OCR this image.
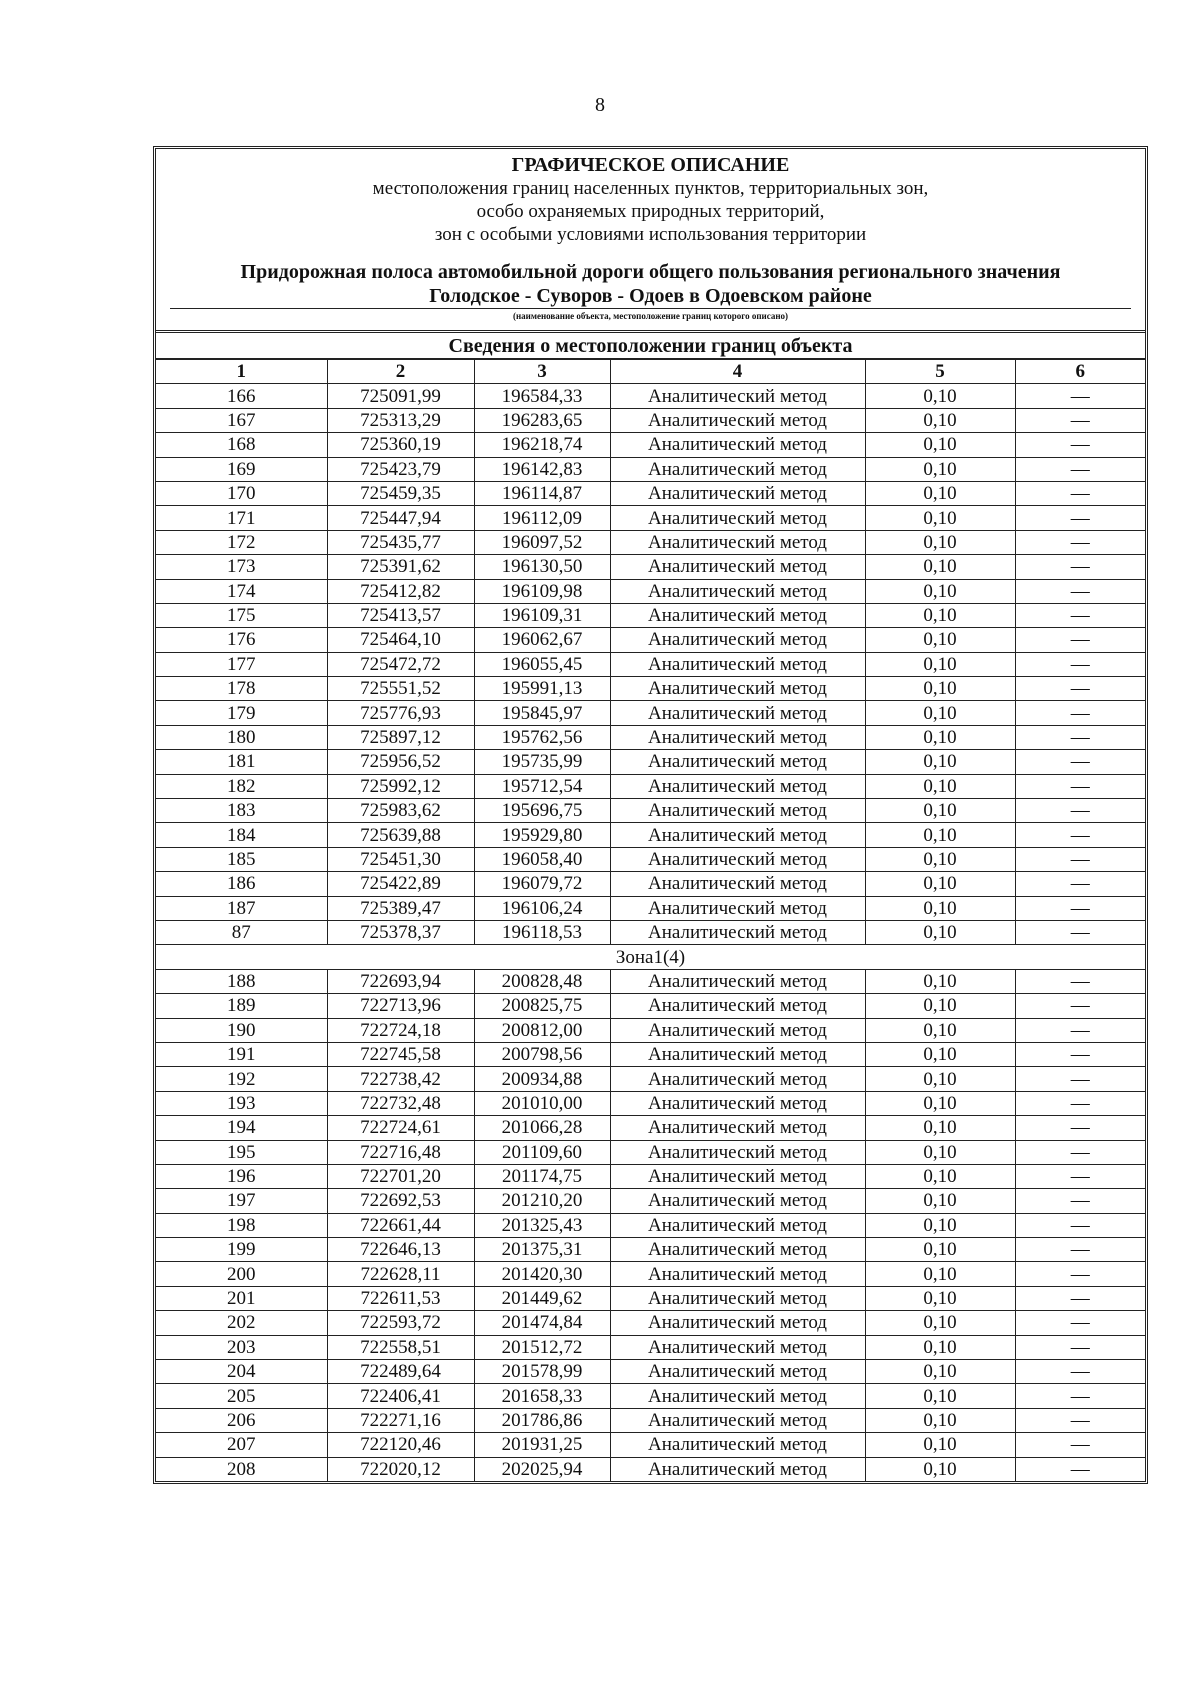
8
ГРАФИЧЕСКОЕ ОПИСАНИЕ
местоположения границ населенных пунктов, территориальных зон,
особо охраняемых природных территорий,
зон с особыми условиями использования территории
Придорожная полоса автомобильной дороги общего пользования регионального значения
Голодское - Суворов - Одоев в Одоевском районе
(наименование объекта, местоположение границ которого описано)
Сведения о местоположении границ объекта
1	2	3	4	5	6
166	725091,99	196584,33	Аналитический метод	0,10	—
167	725313,29	196283,65	Аналитический метод	0,10	—
168	725360,19	196218,74	Аналитический метод	0,10	—
169	725423,79	196142,83	Аналитический метод	0,10	—
170	725459,35	196114,87	Аналитический метод	0,10	—
171	725447,94	196112,09	Аналитический метод	0,10	—
172	725435,77	196097,52	Аналитический метод	0,10	—
173	725391,62	196130,50	Аналитический метод	0,10	—
174	725412,82	196109,98	Аналитический метод	0,10	—
175	725413,57	196109,31	Аналитический метод	0,10	—
176	725464,10	196062,67	Аналитический метод	0,10	—
177	725472,72	196055,45	Аналитический метод	0,10	—
178	725551,52	195991,13	Аналитический метод	0,10	—
179	725776,93	195845,97	Аналитический метод	0,10	—
180	725897,12	195762,56	Аналитический метод	0,10	—
181	725956,52	195735,99	Аналитический метод	0,10	—
182	725992,12	195712,54	Аналитический метод	0,10	—
183	725983,62	195696,75	Аналитический метод	0,10	—
184	725639,88	195929,80	Аналитический метод	0,10	—
185	725451,30	196058,40	Аналитический метод	0,10	—
186	725422,89	196079,72	Аналитический метод	0,10	—
187	725389,47	196106,24	Аналитический метод	0,10	—
87	725378,37	196118,53	Аналитический метод	0,10	—
Зона1(4)					
188	722693,94	200828,48	Аналитический метод	0,10	—
189	722713,96	200825,75	Аналитический метод	0,10	—
190	722724,18	200812,00	Аналитический метод	0,10	—
191	722745,58	200798,56	Аналитический метод	0,10	—
192	722738,42	200934,88	Аналитический метод	0,10	—
193	722732,48	201010,00	Аналитический метод	0,10	—
194	722724,61	201066,28	Аналитический метод	0,10	—
195	722716,48	201109,60	Аналитический метод	0,10	—
196	722701,20	201174,75	Аналитический метод	0,10	—
197	722692,53	201210,20	Аналитический метод	0,10	—
198	722661,44	201325,43	Аналитический метод	0,10	—
199	722646,13	201375,31	Аналитический метод	0,10	—
200	722628,11	201420,30	Аналитический метод	0,10	—
201	722611,53	201449,62	Аналитический метод	0,10	—
202	722593,72	201474,84	Аналитический метод	0,10	—
203	722558,51	201512,72	Аналитический метод	0,10	—
204	722489,64	201578,99	Аналитический метод	0,10	—
205	722406,41	201658,33	Аналитический метод	0,10	—
206	722271,16	201786,86	Аналитический метод	0,10	—
207	722120,46	201931,25	Аналитический метод	0,10	—
208	722020,12	202025,94	Аналитический метод	0,10	—
